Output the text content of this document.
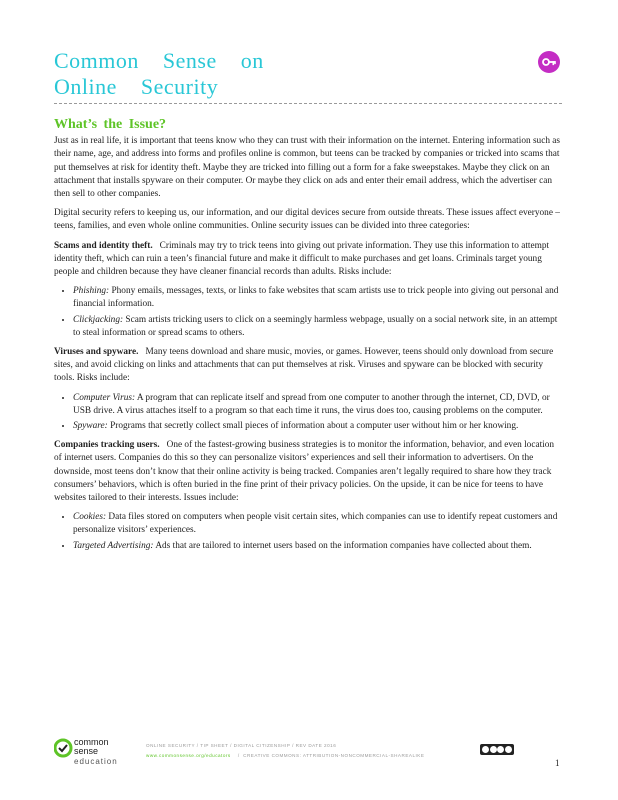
Common Sense on
Online Security
What’s the Issue?

Just as in real life, it is important that teens know who they can trust with their information on the internet. Entering information such as their name, age, and address into forms and profiles online is common, but teens can be tracked by companies or tricked into scams that put themselves at risk for identity theft. Maybe they are tricked into filling out a form for a fake sweepstakes. Maybe they click on an attachment that installs spyware on their computer. Or maybe they click on ads and enter their email address, which the advertiser can then sell to other companies.

Digital security refers to keeping us, our information, and our digital devices secure from outside threats. These issues affect everyone – teens, families, and even whole online communities. Online security issues can be divided into three categories:

Scams and identity theft. Criminals may try to trick teens into giving out private information. They use this information to attempt identity theft, which can ruin a teen’s financial future and make it difficult to make purchases and get loans. Criminals target young people and children because they have cleaner financial records than adults. Risks include:

• Phishing: Phony emails, messages, texts, or links to fake websites that scam artists use to trick people into giving out personal and financial information.
• Clickjacking: Scam artists tricking users to click on a seemingly harmless webpage, usually on a social network site, in an attempt to steal information or spread scams to others.

Viruses and spyware. Many teens download and share music, movies, or games. However, teens should only download from secure sites, and avoid clicking on links and attachments that can put themselves at risk. Viruses and spyware can be blocked with security tools. Risks include:

• Computer Virus: A program that can replicate itself and spread from one computer to another through the internet, CD, DVD, or USB drive. A virus attaches itself to a program so that each time it runs, the virus does too, causing problems on the computer.
• Spyware: Programs that secretly collect small pieces of information about a computer user without him or her knowing.

Companies tracking users. One of the fastest-growing business strategies is to monitor the information, behavior, and even location of internet users. Companies do this so they can personalize visitors’ experiences and sell their information to advertisers. On the downside, most teens don’t know that their online activity is being tracked. Companies aren’t legally required to share how they track consumers’ behaviors, which is often buried in the fine print of their privacy policies. On the upside, it can be nice for teens to have websites tailored to their interests. Issues include:

• Cookies: Data files stored on computers when people visit certain sites, which companies can use to identify repeat customers and personalize visitors’ experiences.
• Targeted Advertising: Ads that are tailored to internet users based on the information companies have collected about them.
common
sense
education
ONLINE SECURITY / TIP SHEET / DIGITAL CITIZENSHIP / REV DATE 2016
www.commonsense.org/educators    /  CREATIVE COMMONS: ATTRIBUTION-NONCOMMERCIAL-SHAREALIKE
1
